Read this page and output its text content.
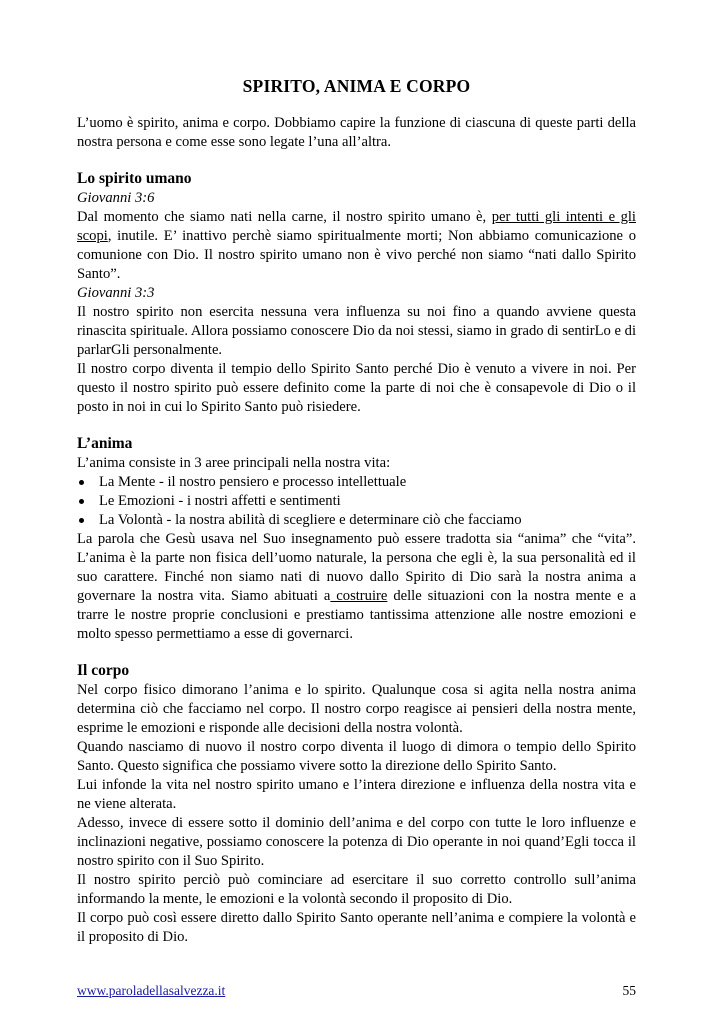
SPIRITO, ANIMA E CORPO

L’uomo è spirito, anima e corpo. Dobbiamo capire la funzione di ciascuna di queste parti della nostra persona e come esse sono legate l’una all’altra.

Lo spirito umano

Giovanni 3:6

Dal momento che siamo nati nella carne, il nostro spirito umano è, per tutti gli intenti e gli scopi, inutile. E’ inattivo perchè siamo spiritualmente morti; Non abbiamo comunicazione o comunione con Dio. Il nostro spirito umano non è vivo perché non siamo “nati dallo Spirito Santo”.

Giovanni 3:3

Il nostro spirito non esercita nessuna vera influenza su noi fino a quando avviene questa rinascita spirituale. Allora possiamo conoscere Dio da noi stessi, siamo in grado di sentirLo e di parlarGli personalmente.

Il nostro corpo diventa il tempio dello Spirito Santo perché Dio è venuto a vivere in noi. Per questo il nostro spirito può essere definito come la parte di noi che è consapevole di Dio o il posto in noi in cui lo Spirito Santo può risiedere.

L’anima

L’anima consiste in 3 aree principali nella nostra vita:

La Mente - il nostro pensiero e processo intellettuale
Le Emozioni - i nostri affetti e sentimenti
La Volontà - la nostra abilità di scegliere e determinare ciò che facciamo

La parola che Gesù usava nel Suo insegnamento può essere tradotta sia “anima” che “vita”. L’anima è la parte non fisica dell’uomo naturale, la persona che egli è, la sua personalità ed il suo carattere. Finché non siamo nati di nuovo dallo Spirito di Dio sarà la nostra anima a governare la nostra vita. Siamo abituati a costruire delle situazioni con la nostra mente e a trarre le nostre proprie conclusioni e prestiamo tantissima attenzione alle nostre emozioni e molto spesso permettiamo a esse di governarci.

Il corpo

Nel corpo fisico dimorano l’anima e lo spirito. Qualunque cosa si agita nella nostra anima determina ciò che facciamo nel corpo. Il nostro corpo reagisce ai pensieri della nostra mente, esprime le emozioni e risponde alle decisioni della nostra volontà.

Quando nasciamo di nuovo il nostro corpo diventa il luogo di dimora o tempio dello Spirito Santo. Questo significa che possiamo vivere sotto la direzione dello Spirito Santo.

Lui infonde la vita nel nostro spirito umano e l’intera direzione e influenza della nostra vita e ne viene alterata.

Adesso, invece di essere sotto il dominio dell’anima e del corpo con tutte le loro influenze e inclinazioni negative, possiamo conoscere la potenza di Dio operante in noi quand’Egli tocca il nostro spirito con il Suo Spirito.

Il nostro spirito perciò può cominciare ad esercitare il suo corretto controllo sull’anima informando la mente, le emozioni e la volontà secondo il proposito di Dio.

Il corpo può così essere diretto dallo Spirito Santo operante nell’anima e compiere la volontà e il proposito di Dio.

www.paroladellasalvezza.it	55
